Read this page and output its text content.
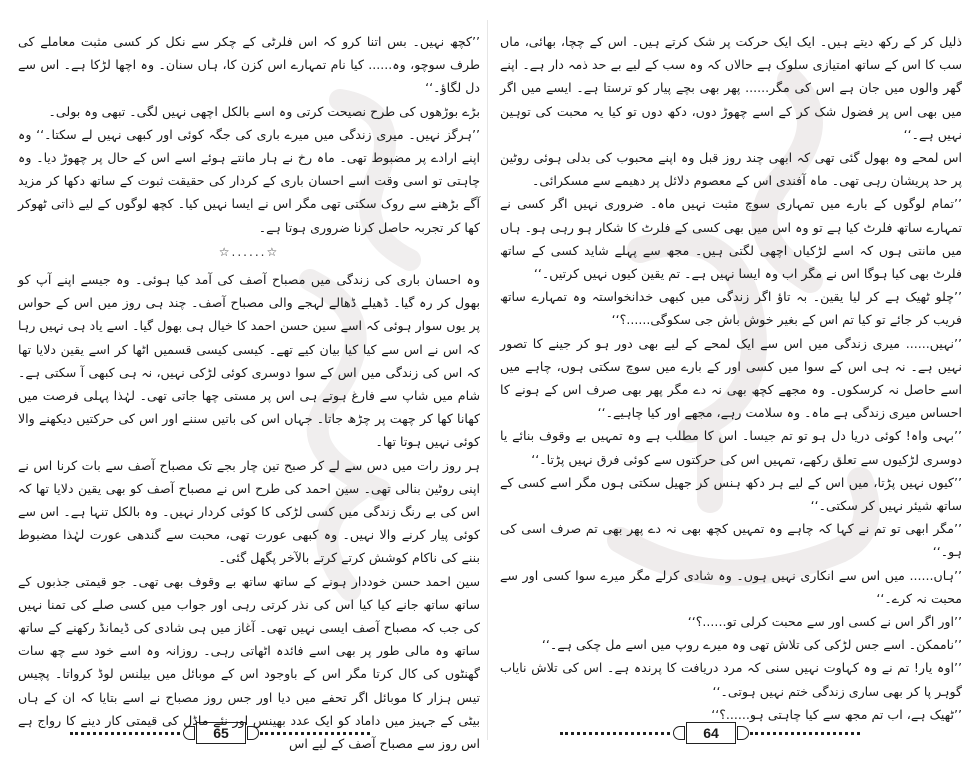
’’کچھ نہیں۔ بس اتنا کرو کہ اس فلرٹی کے چکر سے نکل کر کسی مثبت معاملے کی طرف سوچو، وہ...... کیا نام تمہارے اس کزن کا، ہاں سنان۔ وہ اچھا لڑکا ہے۔ اس سے دل لگاؤ۔‘‘

بڑے بوڑھوں کی طرح نصیحت کرتی وہ اسے بالکل اچھی نہیں لگی۔ تبھی وہ بولی۔

’’ہرگز نہیں۔ میری زندگی میں میرے باری کی جگہ کوئی اور کبھی نہیں لے سکتا۔‘‘ وہ اپنے ارادے پر مضبوط تھی۔ ماہ رخ نے ہار مانتے ہوئے اسے اس کے حال پر چھوڑ دیا۔ وہ چاہتی تو اسی وقت اسے احسان باری کے کردار کی حقیقت ثبوت کے ساتھ دکھا کر مزید آگے بڑھنے سے روک سکتی تھی مگر اس نے ایسا نہیں کیا۔ کچھ لوگوں کے لیے ذاتی ٹھوکر کھا کر تجربہ حاصل کرنا ضروری ہوتا ہے۔

☆......☆

وہ احسان باری کی زندگی میں مصباح آصف کی آمد کیا ہوئی۔ وہ جیسے اپنے آپ کو بھول کر رہ گیا۔ ڈھیلے ڈھالے لہجے والی مصباح آصف۔ چند ہی روز میں اس کے حواس پر یوں سوار ہوئی کہ اسے سین حسن احمد کا خیال ہی بھول گیا۔ اسے یاد ہی نہیں رہا کہ اس نے اس سے کیا کیا بیان کیے تھے۔ کیسی کیسی قسمیں اٹھا کر اسے یقین دلایا تھا کہ اس کی زندگی میں اس کے سوا دوسری کوئی لڑکی نہیں، نہ ہی کبھی آ سکتی ہے۔ شام میں شاپ سے فارغ ہوتے ہی اس پر مستی چھا جاتی تھی۔ لہٰذا پہلی فرصت میں کھانا کھا کر چھت پر چڑھ جاتا۔ جہاں اس کی باتیں سننے اور اس کی حرکتیں دیکھنے والا کوئی نہیں ہوتا تھا۔

ہر روز رات میں دس سے لے کر صبح تین چار بجے تک مصباح آصف سے بات کرنا اس نے اپنی روٹین بنالی تھی۔ سین احمد کی طرح اس نے مصباح آصف کو بھی یقین دلایا تھا کہ اس کی بے رنگ زندگی میں کسی لڑکی کا کوئی کردار نہیں۔ وہ بالکل تنہا ہے۔ اس سے کوئی پیار کرنے والا نہیں۔ وہ کبھی عورت تھی، محبت سے گندھی عورت لہٰذا مضبوط بننے کی ناکام کوشش کرتے کرتے بالآخر پگھل گئی۔

سین احمد حسن خوددار ہونے کے ساتھ ساتھ بے وقوف بھی تھی۔ جو قیمتی جذبوں کے ساتھ ساتھ جانے کیا کیا اس کی نذر کرتی رہی اور جواب میں کسی صلے کی تمنا نہیں کی جب کہ مصباح آصف ایسی نہیں تھی۔ آغاز میں ہی شادی کی ڈیمانڈ رکھنے کے ساتھ ساتھ وہ مالی طور پر بھی اسے فائدہ اٹھاتی رہی۔ روزانہ وہ اسے خود سے چھ سات گھنٹوں کی کال کرتا مگر اس کے باوجود اس کے موبائل میں بیلنس لوڈ کرواتا۔ پچیس تیس ہزار کا موبائل اگر تحفے میں دیا اور جس روز مصباح نے اسے بتایا کہ ان کے ہاں بیٹی کے جہیز میں داماد کو ایک عدد بھینس اور نئے ماڈل کی قیمتی کار دینے کا رواج ہے اس روز سے مصباح آصف کے لیے اس

ذلیل کر کے رکھ دیتے ہیں۔ ایک ایک حرکت پر شک کرتے ہیں۔ اس کے چچا، بھائی، ماں سب کا اس کے ساتھ امتیازی سلوک ہے حالاں کہ وہ سب کے لیے بے حد ذمہ دار ہے۔ اپنے گھر والوں میں جان ہے اس کی مگر...... پھر بھی بچے پیار کو ترستا ہے۔ ایسے میں اگر میں بھی اس پر فضول شک کر کے اسے چھوڑ دوں، دکھ دوں تو کیا یہ محبت کی توہین نہیں ہے۔‘‘

اس لمحے وہ بھول گئی تھی کہ ابھی چند روز قبل وہ اپنے محبوب کی بدلی ہوئی روٹین پر حد پریشان رہی تھی۔ ماہ آفندی اس کے معصوم دلائل پر دھیمے سے مسکرائی۔

’’تمام لوگوں کے بارے میں تمہاری سوچ مثبت نہیں ماہ۔ ضروری نہیں اگر کسی نے تمہارے ساتھ فلرٹ کیا ہے تو وہ اس میں بھی کسی کے فلرٹ کا شکار ہو رہی ہو۔ ہاں میں مانتی ہوں کہ اسے لڑکیاں اچھی لگتی ہیں۔ مجھ سے پہلے شاید کسی کے ساتھ فلرٹ بھی کیا ہوگا اس نے مگر اب وہ ایسا نہیں ہے۔ تم یقین کیوں نہیں کرتیں۔‘‘

’’چلو ٹھیک ہے کر لیا یقین۔ بہ تاؤ اگر زندگی میں کبھی خدانخواستہ وہ تمہارے ساتھ فریب کر جائے تو کیا تم اس کے بغیر خوش باش جی سکوگی......؟‘‘

’’نہیں...... میری زندگی میں اس سے ایک لمحے کے لیے بھی دور ہو کر جینے کا تصور نہیں ہے۔ نہ ہی اس کے سوا میں کسی اور کے بارے میں سوچ سکتی ہوں، چاہے میں اسے حاصل نہ کرسکوں۔ وہ مجھے کچھ بھی نہ دے مگر پھر بھی صرف اس کے ہونے کا احساس میری زندگی ہے ماہ۔ وہ سلامت رہے، مجھے اور کیا چاہیے۔‘‘

’’بہی واہ! کوئی دریا دل ہو تو تم جیسا۔ اس کا مطلب ہے وہ تمہیں بے وقوف بنائے یا دوسری لڑکیوں سے تعلق رکھے، تمہیں اس کی حرکتوں سے کوئی فرق نہیں پڑتا۔‘‘

’’کیوں نہیں پڑتا، میں اس کے لیے ہر دکھ ہنس کر جھیل سکتی ہوں مگر اسے کسی کے ساتھ شیئر نہیں کر سکتی۔‘‘

’’مگر ابھی تو تم نے کہا کہ چاہے وہ تمہیں کچھ بھی نہ دے پھر بھی تم صرف اسی کی ہو۔‘‘

’’ہاں...... میں اس سے انکاری نہیں ہوں۔ وہ شادی کرلے مگر میرے سوا کسی اور سے محبت نہ کرے۔‘‘

’’اور اگر اس نے کسی اور سے محبت کرلی تو......؟‘‘

’’ناممکن۔ اسے جس لڑکی کی تلاش تھی وہ میرے روپ میں اسے مل چکی ہے۔‘‘

’’اوہ یار! تم نے وہ کہاوت نہیں سنی کہ مرد دریافت کا پرندہ ہے۔ اس کی تلاش نایاب گوہر پا کر بھی ساری زندگی ختم نہیں ہوتی۔‘‘

’’ٹھیک ہے، اب تم مجھ سے کیا چاہتی ہو......؟‘‘

65	64
